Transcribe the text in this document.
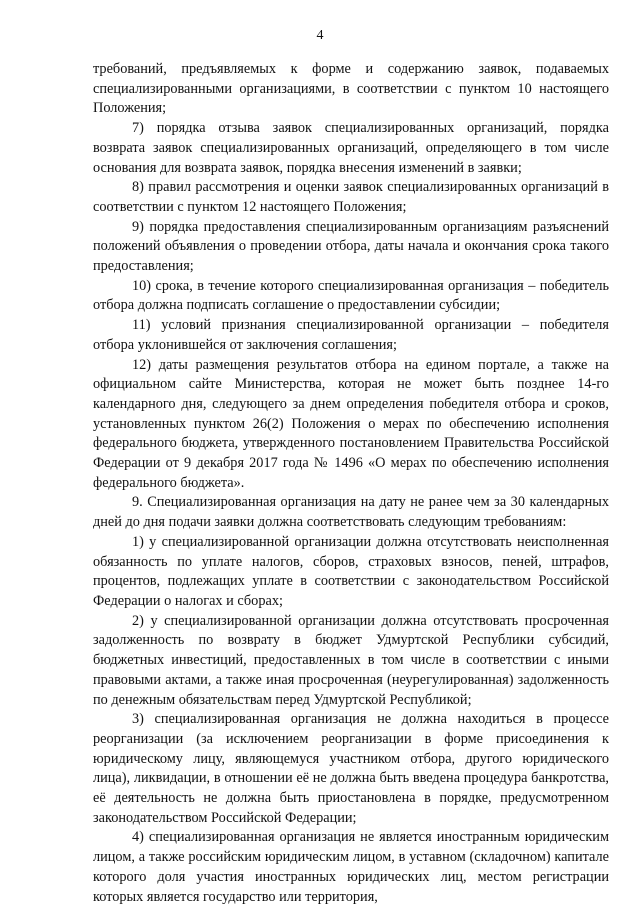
4

требований, предъявляемых к форме и содержанию заявок, подаваемых специализированными организациями, в соответствии с пунктом 10 настоящего Положения;

7) порядка отзыва заявок специализированных организаций, порядка возврата заявок специализированных организаций, определяющего в том числе основания для возврата заявок, порядка внесения изменений в заявки;

8) правил рассмотрения и оценки заявок специализированных организаций в соответствии с пунктом 12 настоящего Положения;

9) порядка предоставления специализированным организациям разъяснений положений объявления о проведении отбора, даты начала и окончания срока такого предоставления;

10) срока, в течение которого специализированная организация – победитель отбора должна подписать соглашение о предоставлении субсидии;

11) условий признания специализированной организации – победителя отбора уклонившейся от заключения соглашения;

12) даты размещения результатов отбора на едином портале, а также на официальном сайте Министерства, которая не может быть позднее 14-го календарного дня, следующего за днем определения победителя отбора и сроков, установленных пунктом 26(2) Положения о мерах по обеспечению исполнения федерального бюджета, утвержденного постановлением Правительства Российской Федерации от 9 декабря 2017 года № 1496 «О мерах по обеспечению исполнения федерального бюджета».

9. Специализированная организация на дату не ранее чем за 30 календарных дней до дня подачи заявки должна соответствовать следующим требованиям:

1) у специализированной организации должна отсутствовать неисполненная обязанность по уплате налогов, сборов, страховых взносов, пеней, штрафов, процентов, подлежащих уплате в соответствии с законодательством Российской Федерации о налогах и сборах;

2) у специализированной организации должна отсутствовать просроченная задолженность по возврату в бюджет Удмуртской Республики субсидий, бюджетных инвестиций, предоставленных в том числе в соответствии с иными правовыми актами, а также иная просроченная (неурегулированная) задолженность по денежным обязательствам перед Удмуртской Республикой;

3) специализированная организация не должна находиться в процессе реорганизации (за исключением реорганизации в форме присоединения к юридическому лицу, являющемуся участником отбора, другого юридического лица), ликвидации, в отношении её не должна быть введена процедура банкротства, её деятельность не должна быть приостановлена в порядке, предусмотренном законодательством Российской Федерации;

4) специализированная организация не является иностранным юридическим лицом, а также российским юридическим лицом, в уставном (складочном) капитале которого доля участия иностранных юридических лиц, местом регистрации которых является государство или территория,
